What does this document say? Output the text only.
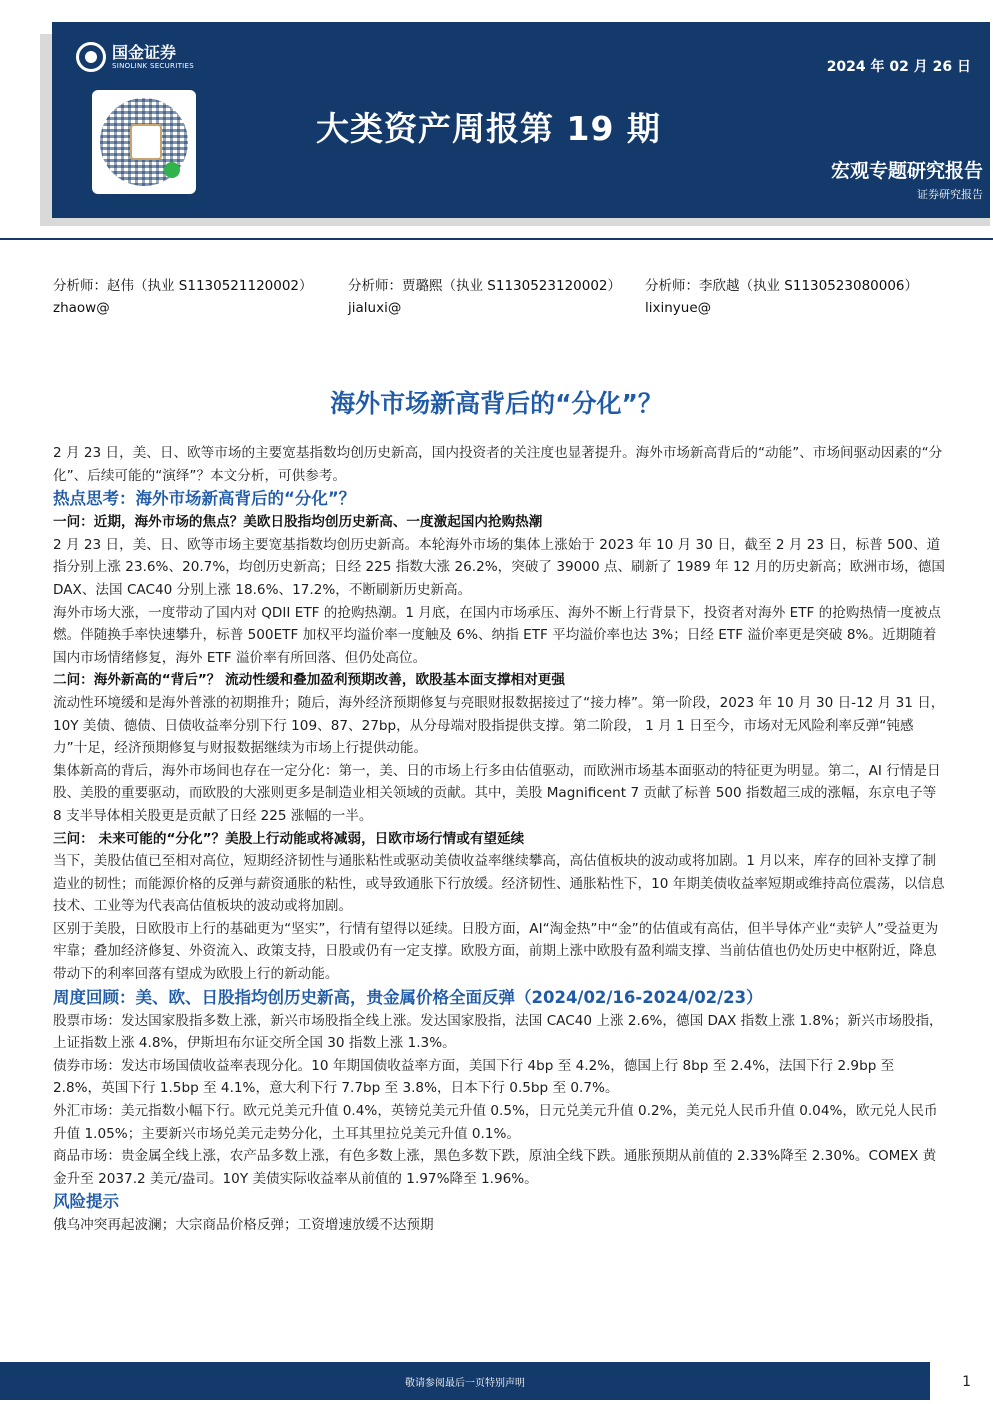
国金证券
SINOLINK SECURITIES	2024 年 02 月 26 日
大类资产周报第 19 期
宏观专题研究报告
证券研究报告
分析师：赵伟（执业 S1130521120002）
zhaow@
分析师：贾璐熙（执业 S1130523120002）
jialuxi@
分析师：李欣越（执业 S1130523080006）
lixinyue@
海外市场新高背后的“分化”？

2 月 23 日，美、日、欧等市场的主要宽基指数均创历史新高，国内投资者的关注度也显著提升。海外市场新高背后的“动能”、市场间驱动因素的“分化”、后续可能的“演绎”？本文分析，可供参考。

热点思考：海外市场新高背后的“分化”？

一问：近期，海外市场的焦点？美欧日股指均创历史新高、一度激起国内抢购热潮

2 月 23 日，美、日、欧等市场主要宽基指数均创历史新高。本轮海外市场的集体上涨始于 2023 年 10 月 30 日，截至 2 月 23 日，标普 500、道指分别上涨 23.6%、20.7%，均创历史新高；日经 225 指数大涨 26.2%，突破了 39000 点、刷新了 1989 年 12 月的历史新高；欧洲市场，德国 DAX、法国 CAC40 分别上涨 18.6%、17.2%，不断刷新历史新高。

海外市场大涨，一度带动了国内对 QDII ETF 的抢购热潮。1 月底，在国内市场承压、海外不断上行背景下，投资者对海外 ETF 的抢购热情一度被点燃。伴随换手率快速攀升，标普 500ETF 加权平均溢价率一度触及 6%、纳指 ETF 平均溢价率也达 3%；日经 ETF 溢价率更是突破 8%。近期随着国内市场情绪修复，海外 ETF 溢价率有所回落、但仍处高位。

二问：海外新高的“背后”？ 流动性缓和叠加盈利预期改善，欧股基本面支撑相对更强

流动性环境缓和是海外普涨的初期推升；随后，海外经济预期修复与亮眼财报数据接过了“接力棒”。第一阶段，2023 年 10 月 30 日-12 月 31 日，10Y 美债、德债、日债收益率分别下行 109、87、27bp，从分母端对股指提供支撑。第二阶段， 1 月 1 日至今，市场对无风险利率反弹“钝感力”十足，经济预期修复与财报数据继续为市场上行提供动能。

集体新高的背后，海外市场间也存在一定分化：第一，美、日的市场上行多由估值驱动，而欧洲市场基本面驱动的特征更为明显。第二，AI 行情是日股、美股的重要驱动，而欧股的大涨则更多是制造业相关领域的贡献。其中，美股 Magnificent 7 贡献了标普 500 指数超三成的涨幅，东京电子等 8 支半导体相关股更是贡献了日经 225 涨幅的一半。

三问： 未来可能的“分化”？美股上行动能或将减弱，日欧市场行情或有望延续

当下，美股估值已至相对高位，短期经济韧性与通胀粘性或驱动美债收益率继续攀高，高估值板块的波动或将加剧。1 月以来，库存的回补支撑了制造业的韧性；而能源价格的反弹与薪资通胀的粘性，或导致通胀下行放缓。经济韧性、通胀粘性下，10 年期美债收益率短期或维持高位震荡，以信息技术、工业等为代表高估值板块的波动或将加剧。

区别于美股，日欧股市上行的基础更为“坚实”，行情有望得以延续。日股方面，AI“淘金热”中“金”的估值或有高估，但半导体产业“卖铲人”受益更为牢靠；叠加经济修复、外资流入、政策支持，日股或仍有一定支撑。欧股方面，前期上涨中欧股有盈利端支撑、当前估值也仍处历史中枢附近，降息带动下的利率回落有望成为欧股上行的新动能。

周度回顾：美、欧、日股指均创历史新高，贵金属价格全面反弹（2024/02/16-2024/02/23）

股票市场：发达国家股指多数上涨，新兴市场股指全线上涨。发达国家股指，法国 CAC40 上涨 2.6%，德国 DAX 指数上涨 1.8%；新兴市场股指，上证指数上涨 4.8%，伊斯坦布尔证交所全国 30 指数上涨 1.3%。

债券市场：发达市场国债收益率表现分化。10 年期国债收益率方面，美国下行 4bp 至 4.2%，德国上行 8bp 至 2.4%，法国下行 2.9bp 至 2.8%，英国下行 1.5bp 至 4.1%，意大利下行 7.7bp 至 3.8%，日本下行 0.5bp 至 0.7%。

外汇市场：美元指数小幅下行。欧元兑美元升值 0.4%，英镑兑美元升值 0.5%，日元兑美元升值 0.2%，美元兑人民币升值 0.04%，欧元兑人民币升值 1.05%；主要新兴市场兑美元走势分化，土耳其里拉兑美元升值 0.1%。

商品市场：贵金属全线上涨，农产品多数上涨，有色多数上涨，黑色多数下跌，原油全线下跌。通胀预期从前值的 2.33%降至 2.30%。COMEX 黄金升至 2037.2 美元/盎司。10Y 美债实际收益率从前值的 1.97%降至 1.96%。

风险提示

俄乌冲突再起波澜；大宗商品价格反弹；工资增速放缓不达预期

敬请参阅最后一页特别声明	1
